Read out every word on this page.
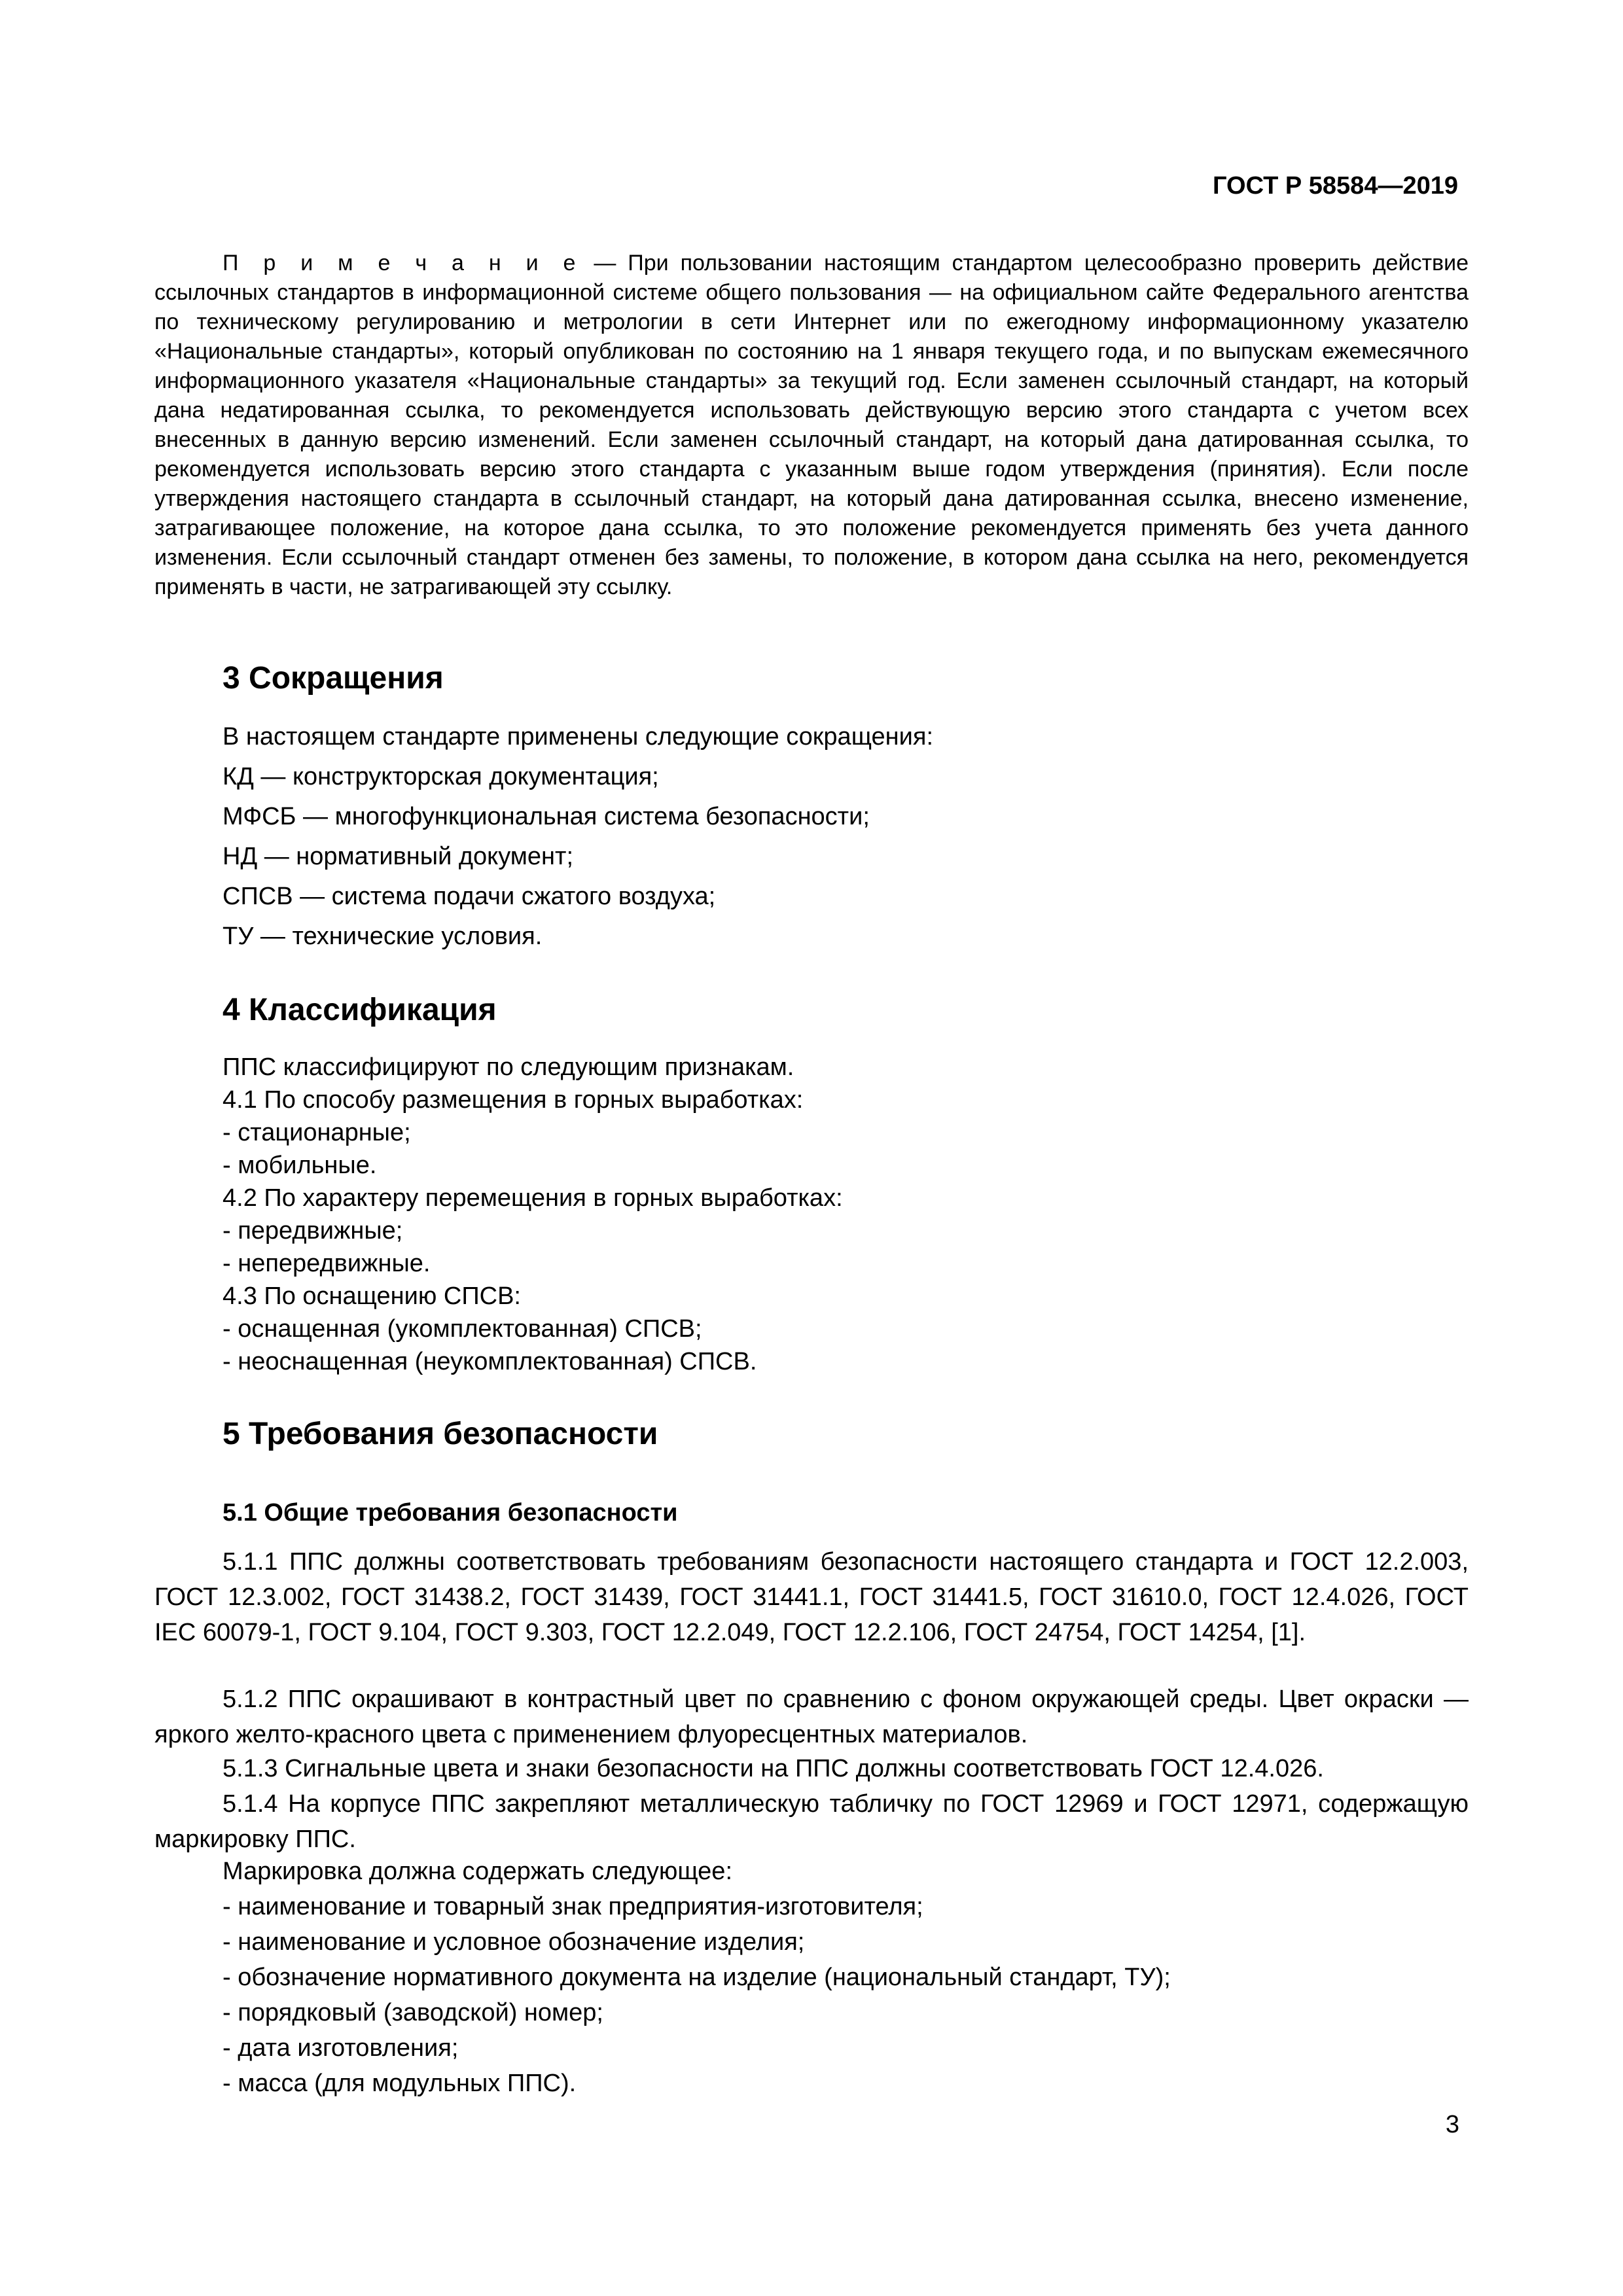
ГОСТ Р 58584—2019
П р и м е ч а н и е — При пользовании настоящим стандартом целесообразно проверить действие ссылочных стандартов в информационной системе общего пользования — на официальном сайте Федерального агентства по техническому регулированию и метрологии в сети Интернет или по ежегодному информационному указателю «Национальные стандарты», который опубликован по состоянию на 1 января текущего года, и по выпускам ежемесячного информационного указателя «Национальные стандарты» за текущий год. Если заменен ссылочный стандарт, на который дана недатированная ссылка, то рекомендуется использовать действующую версию этого стандарта с учетом всех внесенных в данную версию изменений. Если заменен ссылочный стандарт, на который дана датированная ссылка, то рекомендуется использовать версию этого стандарта с указанным выше годом утверждения (принятия). Если после утверждения настоящего стандарта в ссылочный стандарт, на который дана датированная ссылка, внесено изменение, затрагивающее положение, на которое дана ссылка, то это положение рекомендуется применять без учета данного изменения. Если ссылочный стандарт отменен без замены, то положение, в котором дана ссылка на него, рекомендуется применять в части, не затрагивающей эту ссылку.
3 Сокращения

В настоящем стандарте применены следующие сокращения:

КД — конструкторская документация;

МФСБ — многофункциональная система безопасности;

НД — нормативный документ;

СПСВ — система подачи сжатого воздуха;

ТУ — технические условия.

4 Классификация

ППС классифицируют по следующим признакам.

4.1 По способу размещения в горных выработках:

- стационарные;

- мобильные.

4.2 По характеру перемещения в горных выработках:

- передвижные;

- непередвижные.

4.3 По оснащению СПСВ:

- оснащенная (укомплектованная) СПСВ;

- неоснащенная (неукомплектованная) СПСВ.

5 Требования безопасности
5.1 Общие требования безопасности

5.1.1 ППС должны соответствовать требованиям безопасности настоящего стандарта и ГОСТ 12.2.003, ГОСТ 12.3.002, ГОСТ 31438.2, ГОСТ 31439, ГОСТ 31441.1, ГОСТ 31441.5, ГОСТ 31610.0, ГОСТ 12.4.026, ГОСТ IEC 60079-1, ГОСТ 9.104, ГОСТ 9.303, ГОСТ 12.2.049, ГОСТ 12.2.106, ГОСТ 24754, ГОСТ 14254, [1].

5.1.2 ППС окрашивают в контрастный цвет по сравнению с фоном окружающей среды. Цвет окраски — яркого желто-красного цвета с применением флуоресцентных материалов.

5.1.3 Сигнальные цвета и знаки безопасности на ППС должны соответствовать ГОСТ 12.4.026.

5.1.4 На корпусе ППС закрепляют металлическую табличку по ГОСТ 12969 и ГОСТ 12971, содержащую маркировку ППС.

Маркировка должна содержать следующее:

- наименование и товарный знак предприятия-изготовителя;

- наименование и условное обозначение изделия;

- обозначение нормативного документа на изделие (национальный стандарт, ТУ);

- порядковый (заводской) номер;

- дата изготовления;

- масса (для модульных ППС).

3
